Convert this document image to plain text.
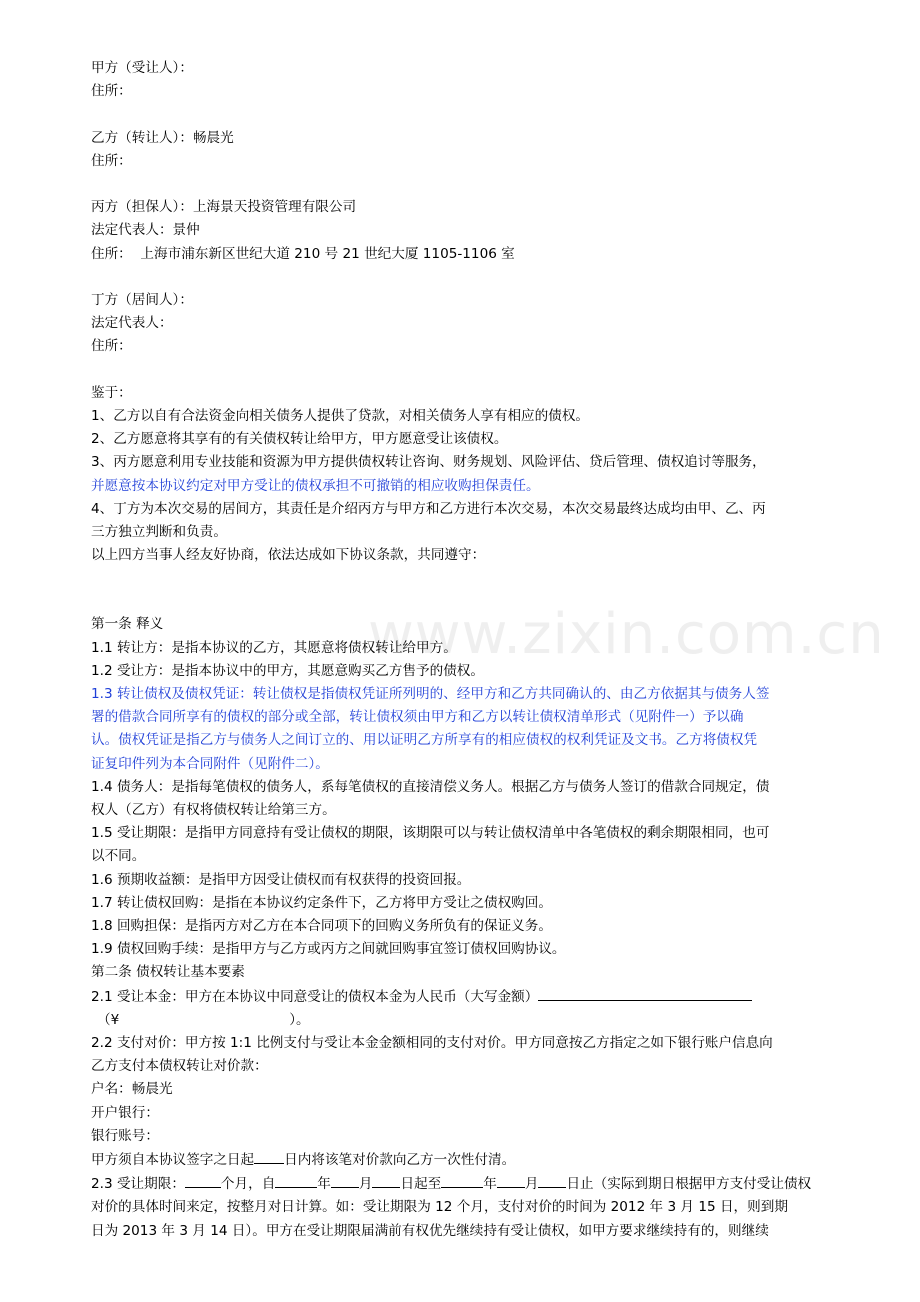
www.zixin.com.cn
甲方（受让人）：
住所：
乙方（转让人）：畅晨光
住所：
丙方（担保人）：上海景天投资管理有限公司
法定代表人：景仲
住所：  上海市浦东新区世纪大道 210 号 21 世纪大厦 1105-1106 室
丁方（居间人）：
法定代表人：
住所：
鉴于：
1、乙方以自有合法资金向相关债务人提供了贷款，对相关债务人享有相应的债权。
2、乙方愿意将其享有的有关债权转让给甲方，甲方愿意受让该债权。
3、丙方愿意利用专业技能和资源为甲方提供债权转让咨询、财务规划、风险评估、贷后管理、债权追讨等服务，
并愿意按本协议约定对甲方受让的债权承担不可撤销的相应收购担保责任。
4、丁方为本次交易的居间方，其责任是介绍丙方与甲方和乙方进行本次交易，本次交易最终达成均由甲、乙、丙
三方独立判断和负责。
以上四方当事人经友好协商，依法达成如下协议条款，共同遵守：
第一条 释义
1.1 转让方：是指本协议的乙方，其愿意将债权转让给甲方。
1.2 受让方：是指本协议中的甲方，其愿意购买乙方售予的债权。
1.3 转让债权及债权凭证：转让债权是指债权凭证所列明的、经甲方和乙方共同确认的、由乙方依据其与债务人签
署的借款合同所享有的债权的部分或全部，转让债权须由甲方和乙方以转让债权清单形式（见附件一）予以确
认。债权凭证是指乙方与债务人之间订立的、用以证明乙方所享有的相应债权的权利凭证及文书。乙方将债权凭
证复印件列为本合同附件（见附件二）。
1.4 债务人：是指每笔债权的债务人，系每笔债权的直接清偿义务人。根据乙方与债务人签订的借款合同规定，债
权人（乙方）有权将债权转让给第三方。
1.5 受让期限：是指甲方同意持有受让债权的期限，该期限可以与转让债权清单中各笔债权的剩余期限相同，也可
以不同。
1.6 预期收益额：是指甲方因受让债权而有权获得的投资回报。
1.7 转让债权回购：是指在本协议约定条件下，乙方将甲方受让之债权购回。
1.8 回购担保：是指丙方对乙方在本合同项下的回购义务所负有的保证义务。
1.9 债权回购手续：是指甲方与乙方或丙方之间就回购事宜签订债权回购协议。
第二条 债权转让基本要素
2.1 受让本金：甲方在本协议中同意受让的债权本金为人民币（大写金额）
（¥	）。
2.2 支付对价：甲方按 1:1 比例支付与受让本金金额相同的支付对价。甲方同意按乙方指定之如下银行账户信息向
乙方支付本债权转让对价款：
户名：畅晨光
开户银行：
银行账号：
甲方须自本协议签字之日起 日内将该笔对价款向乙方一次性付清。
2.3 受让期限：	个月，自	年 月 日起至	年 月 日止（实际到期日根据甲方支付受让债权
对价的具体时间来定，按整月对日计算。如：受让期限为 12 个月，支付对价的时间为 2012 年 3 月 15 日，则到期
日为 2013 年 3 月 14 日）。甲方在受让期限届满前有权优先继续持有受让债权，如甲方要求继续持有的，则继续
